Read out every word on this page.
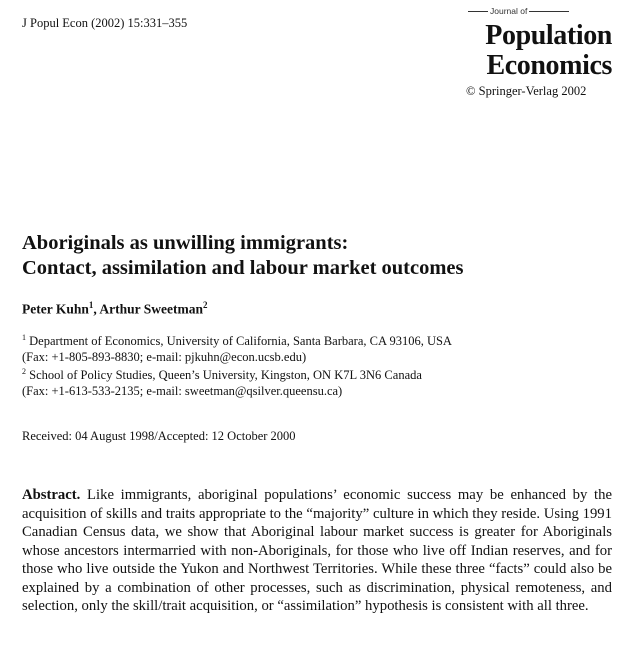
J Popul Econ (2002) 15:331–355
Journal of
Population
Economics
© Springer-Verlag 2002
Aboriginals as unwilling immigrants:
Contact, assimilation and labour market outcomes
Peter Kuhn$^1$, Arthur Sweetman$^2$
$^1$ Department of Economics, University of California, Santa Barbara, CA 93106, USA
(Fax: +1-805-893-8830; e-mail: pjkuhn@econ.ucsb.edu)
$^2$ School of Policy Studies, Queen’s University, Kingston, ON K7L 3N6 Canada
(Fax: +1-613-533-2135; e-mail: sweetman@qsilver.queensu.ca)
Received: 04 August 1998/Accepted: 12 October 2000
Abstract. Like immigrants, aboriginal populations’ economic success may be enhanced by the acquisition of skills and traits appropriate to the “majority” culture in which they reside. Using 1991 Canadian Census data, we show that Aboriginal labour market success is greater for Aboriginals whose ancestors intermarried with non-Aboriginals, for those who live off Indian reserves, and for those who live outside the Yukon and Northwest Territories. While these three “facts” could also be explained by a combination of other processes, such as discrimination, physical remoteness, and selection, only the skill/trait acquisition, or “assimilation” hypothesis is consistent with all three.
